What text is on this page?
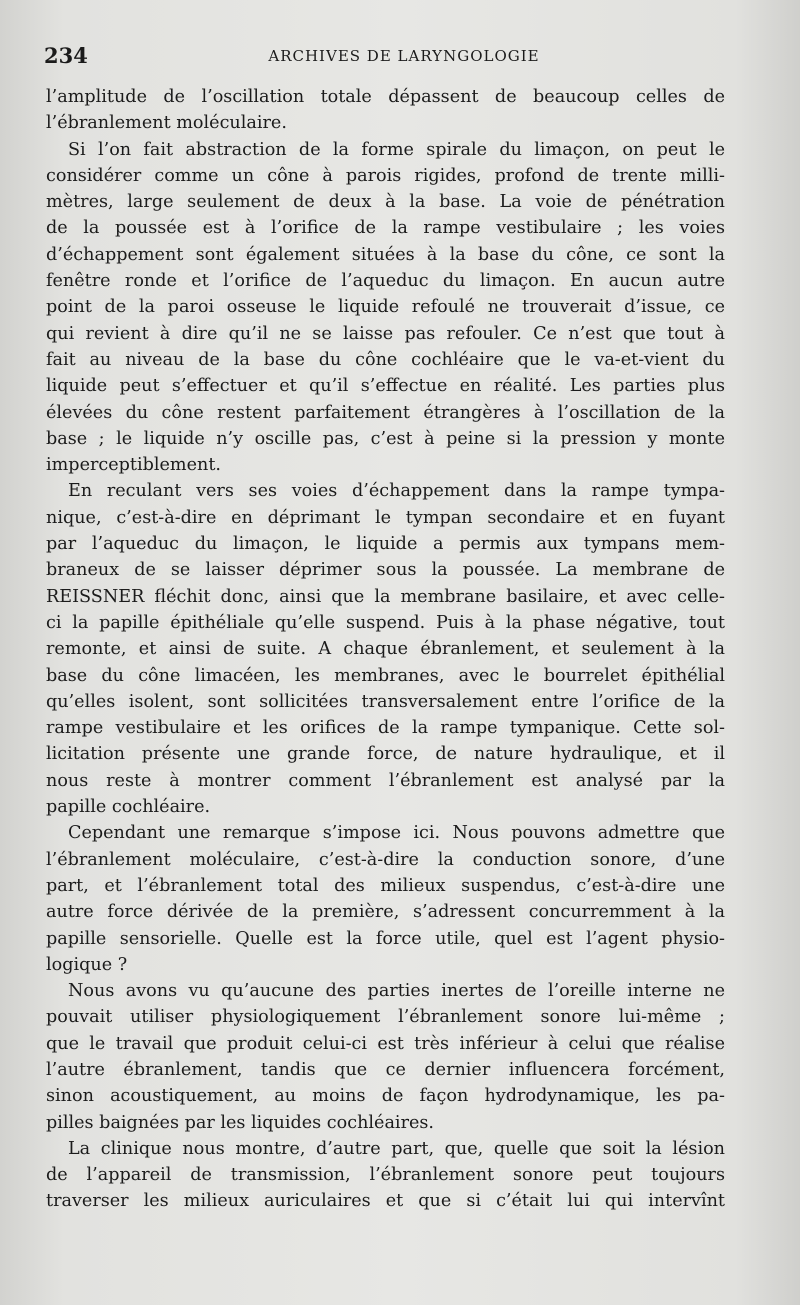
234	ARCHIVES DE LARYNGOLOGIE
l’amplitude de l’oscillation totale dépassent de beaucoup celles de
l’ébranlement moléculaire.
Si l’on fait abstraction de la forme spirale du limaçon, on peut le
considérer comme un cône à parois rigides, profond de trente milli-
mètres, large seulement de deux à la base. La voie de pénétration
de la poussée est à l’orifice de la rampe vestibulaire ; les voies
d’échappement sont également situées à la base du cône, ce sont la
fenêtre ronde et l’orifice de l’aqueduc du limaçon. En aucun autre
point de la paroi osseuse le liquide refoulé ne trouverait d’issue, ce
qui revient à dire qu’il ne se laisse pas refouler. Ce n’est que tout à
fait au niveau de la base du cône cochléaire que le va-et-vient du
liquide peut s’effectuer et qu’il s’effectue en réalité. Les parties plus
élevées du cône restent parfaitement étrangères à l’oscillation de la
base ; le liquide n’y oscille pas, c’est à peine si la pression y monte
imperceptiblement.
En reculant vers ses voies d’échappement dans la rampe tympa-
nique, c’est-à-dire en déprimant le tympan secondaire et en fuyant
par l’aqueduc du limaçon, le liquide a permis aux tympans mem-
braneux de se laisser déprimer sous la poussée. La membrane de
REISSNER fléchit donc, ainsi que la membrane basilaire, et avec celle-
ci la papille épithéliale qu’elle suspend. Puis à la phase négative, tout
remonte, et ainsi de suite. A chaque ébranlement, et seulement à la
base du cône limacéen, les membranes, avec le bourrelet épithélial
qu’elles isolent, sont sollicitées transversalement entre l’orifice de la
rampe vestibulaire et les orifices de la rampe tympanique. Cette sol-
licitation présente une grande force, de nature hydraulique, et il
nous reste à montrer comment l’ébranlement est analysé par la
papille cochléaire.
Cependant une remarque s’impose ici. Nous pouvons admettre que
l’ébranlement moléculaire, c’est-à-dire la conduction sonore, d’une
part, et l’ébranlement total des milieux suspendus, c’est-à-dire une
autre force dérivée de la première, s’adressent concurremment à la
papille sensorielle. Quelle est la force utile, quel est l’agent physio-
logique ?
Nous avons vu qu’aucune des parties inertes de l’oreille interne ne
pouvait utiliser physiologiquement l’ébranlement sonore lui-même ;
que le travail que produit celui-ci est très inférieur à celui que réalise
l’autre ébranlement, tandis que ce dernier influencera forcément,
sinon acoustiquement, au moins de façon hydrodynamique, les pa-
pilles baignées par les liquides cochléaires.
La clinique nous montre, d’autre part, que, quelle que soit la lésion
de l’appareil de transmission, l’ébranlement sonore peut toujours
traverser les milieux auriculaires et que si c’était lui qui intervînt
